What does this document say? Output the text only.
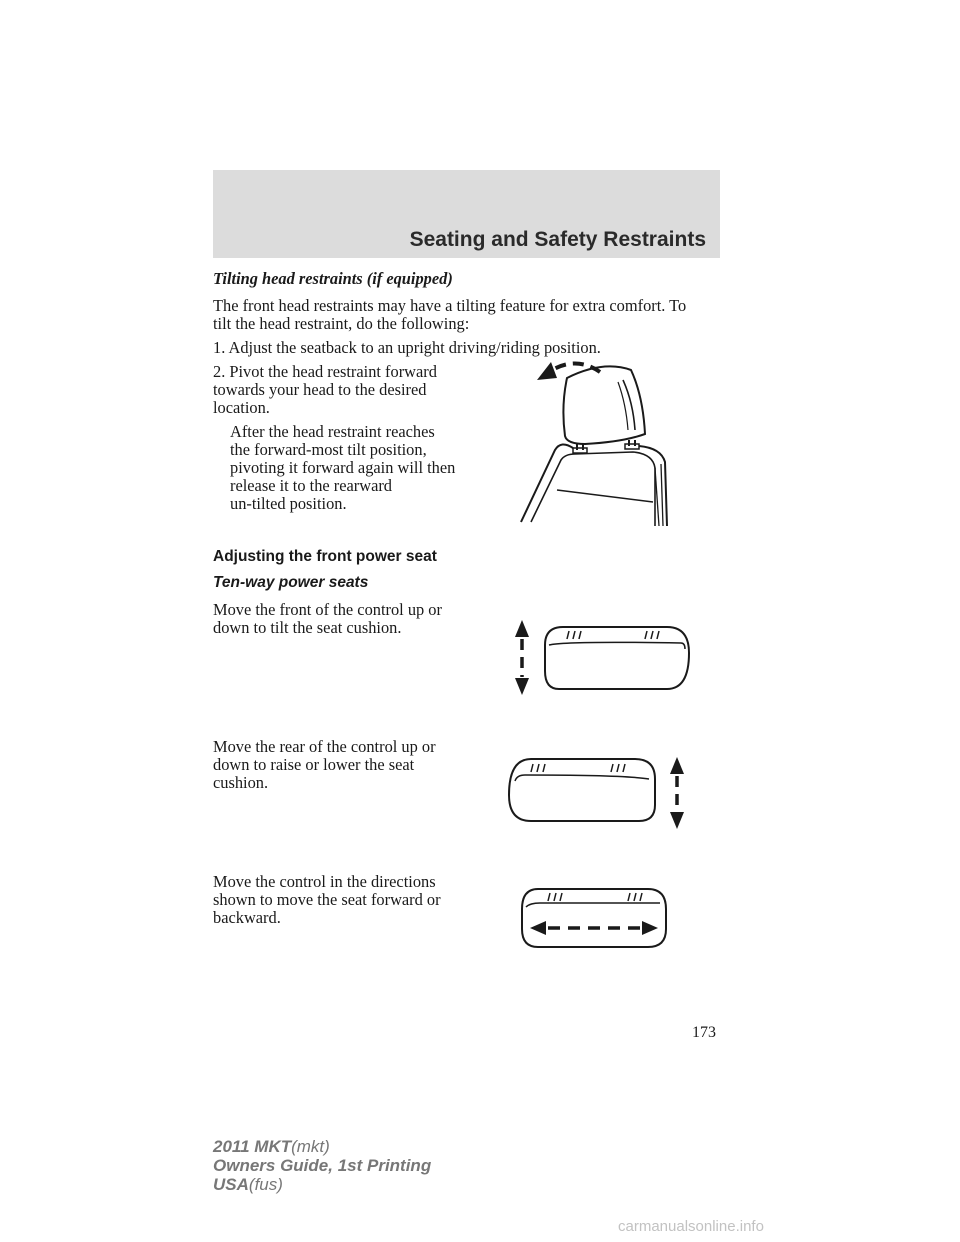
Seating and Safety Restraints
Tilting head restraints (if equipped)
The front head restraints may have a tilting feature for extra comfort. To
tilt the head restraint, do the following:
1. Adjust the seatback to an upright driving/riding position.
2. Pivot the head restraint forward
towards your head to the desired
location.
After the head restraint reaches
the forward-most tilt position,
pivoting it forward again will then
release it to the rearward
un-tilted position.
Adjusting the front power seat
Ten-way power seats
Move the front of the control up or
down to tilt the seat cushion.
Move the rear of the control up or
down to raise or lower the seat
cushion.
Move the control in the directions
shown to move the seat forward or
backward.
173
2011 MKT(mkt)
Owners Guide, 1st Printing
USA(fus)
carmanualsonline.info
